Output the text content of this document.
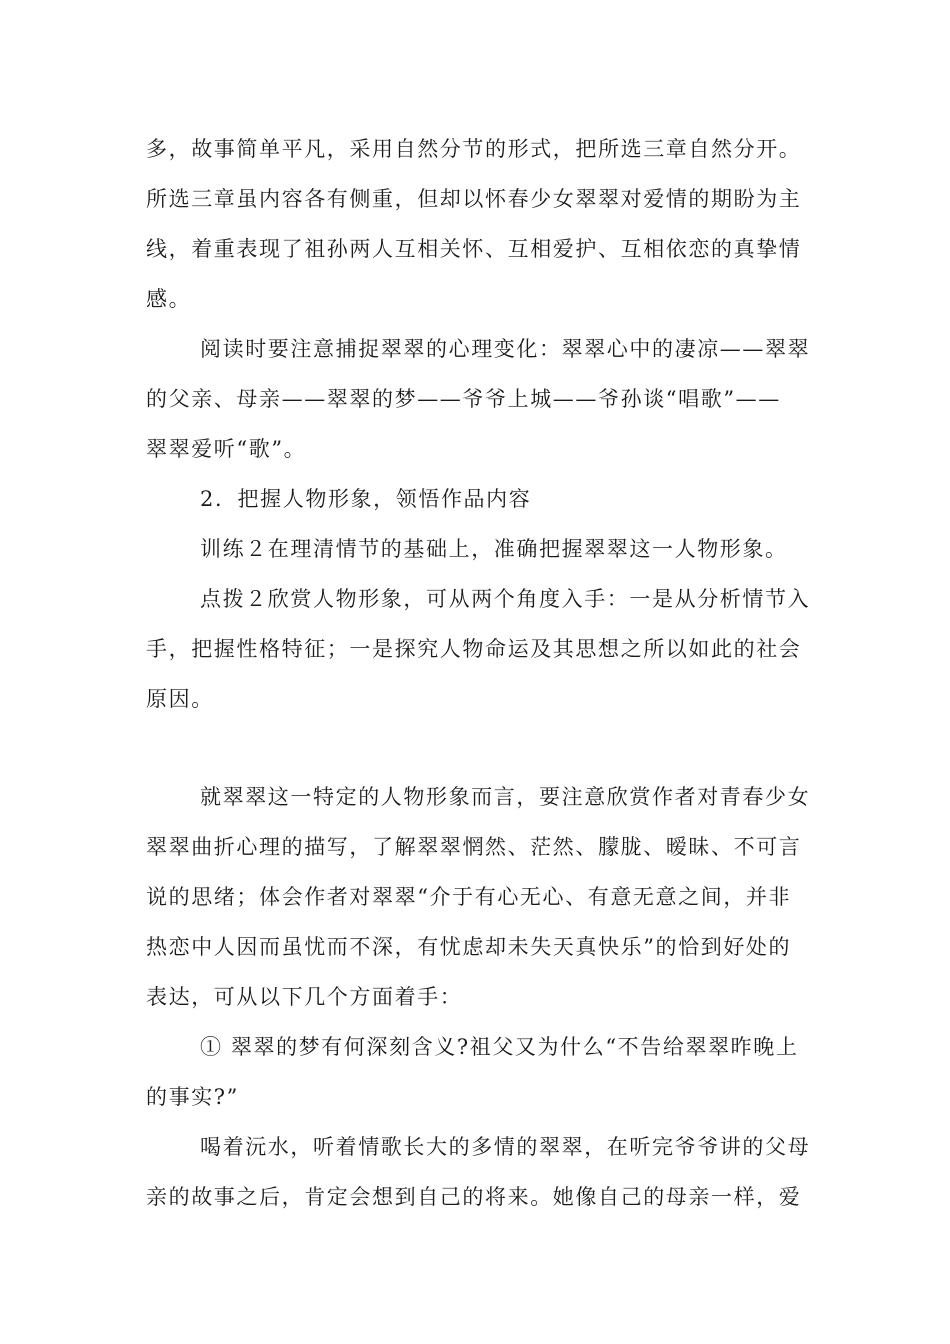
多，故事简单平凡，采用自然分节的形式，把所选三章自然分开。
所选三章虽内容各有侧重，但却以怀春少女翠翠对爱情的期盼为主
线，着重表现了祖孙两人互相关怀、互相爱护、互相依恋的真挚情
感。
阅读时要注意捕捉翠翠的心理变化：翠翠心中的凄凉——翠翠
的父亲、母亲——翠翠的梦——爷爷上城——爷孙谈“唱歌”——
翠翠爱听“歌”。
2．把握人物形象，领悟作品内容
训练２在理清情节的基础上，准确把握翠翠这一人物形象。
点拨２欣赏人物形象，可从两个角度入手：一是从分析情节入
手，把握性格特征；一是探究人物命运及其思想之所以如此的社会
原因。
就翠翠这一特定的人物形象而言，要注意欣赏作者对青春少女
翠翠曲折心理的描写，了解翠翠惘然、茫然、朦胧、暧昧、不可言
说的思绪；体会作者对翠翠“介于有心无心、有意无意之间，并非
热恋中人因而虽忧而不深，有忧虑却未失天真快乐”的恰到好处的
表达，可从以下几个方面着手：
① 翠翠的梦有何深刻含义?祖父又为什么“不告给翠翠昨晚上
的事实?”
喝着沅水，听着情歌长大的多情的翠翠，在听完爷爷讲的父母
亲的故事之后，肯定会想到自己的将来。她像自己的母亲一样，爱
